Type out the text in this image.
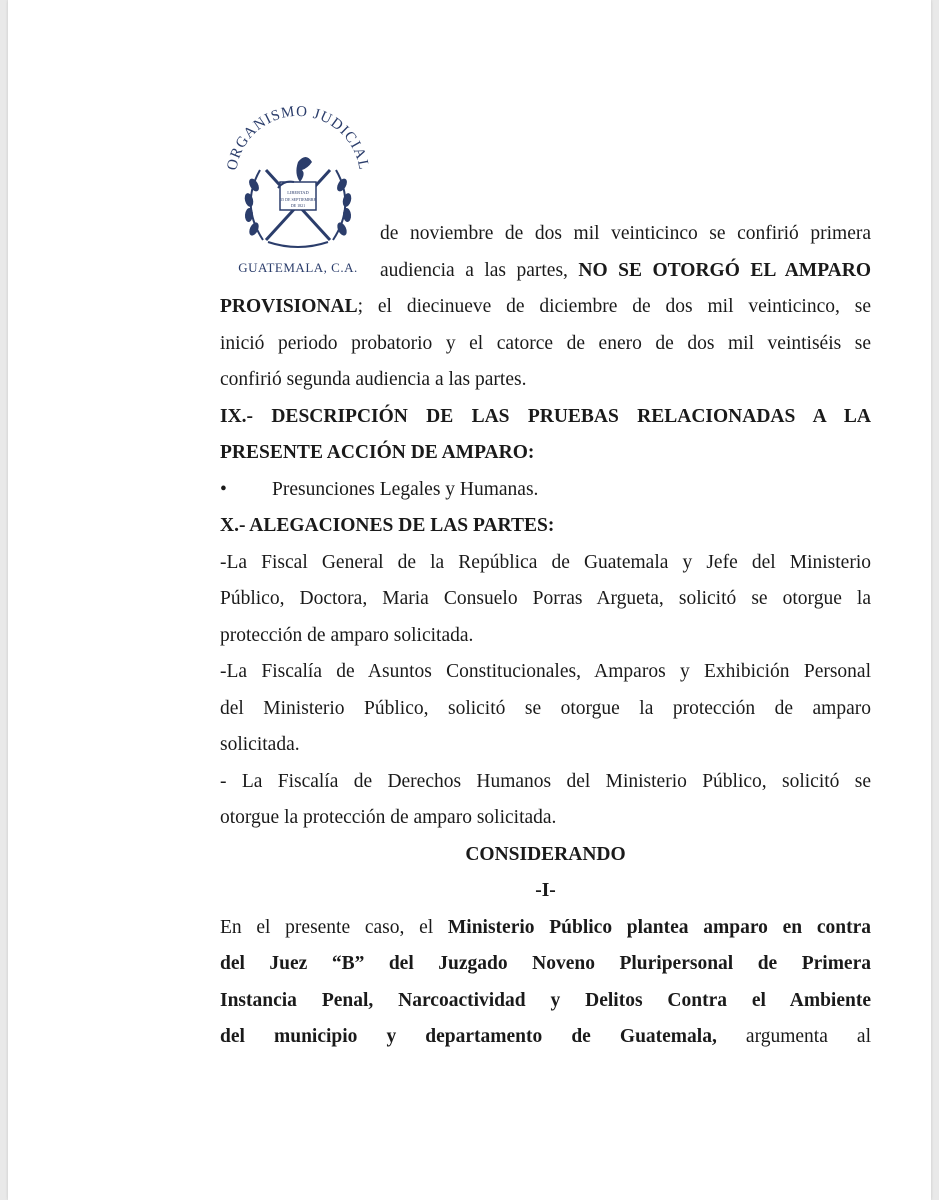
ORGANISMO JUDICIAL
LIBERTAD
15 DE SEPTIEMBRE
DE 1821
GUATEMALA, C.A.
de noviembre de dos mil veinticinco se confirió primera
audiencia a las partes, NO SE OTORGÓ EL AMPARO
PROVISIONAL; el diecinueve de diciembre de dos mil veinticinco, se
inició periodo probatorio y el catorce de enero de dos mil veintiséis se
confirió segunda audiencia a las partes.
IX.- DESCRIPCIÓN DE LAS PRUEBAS RELACIONADAS A LA
PRESENTE ACCIÓN DE AMPARO:
• Presunciones Legales y Humanas.
X.- ALEGACIONES DE LAS PARTES:
-La Fiscal General de la República de Guatemala y Jefe del Ministerio
Público, Doctora, Maria Consuelo Porras Argueta, solicitó se otorgue la
protección de amparo solicitada.
-La Fiscalía de Asuntos Constitucionales, Amparos y Exhibición Personal
del Ministerio Público, solicitó se otorgue la protección de amparo
solicitada.
- La Fiscalía de Derechos Humanos del Ministerio Público, solicitó se
otorgue la protección de amparo solicitada.
CONSIDERANDO
-I-
En el presente caso, el Ministerio Público plantea amparo en contra
del Juez “B” del Juzgado Noveno Pluripersonal de Primera
Instancia Penal, Narcoactividad y Delitos Contra el Ambiente
del municipio y departamento de Guatemala, argumenta al
